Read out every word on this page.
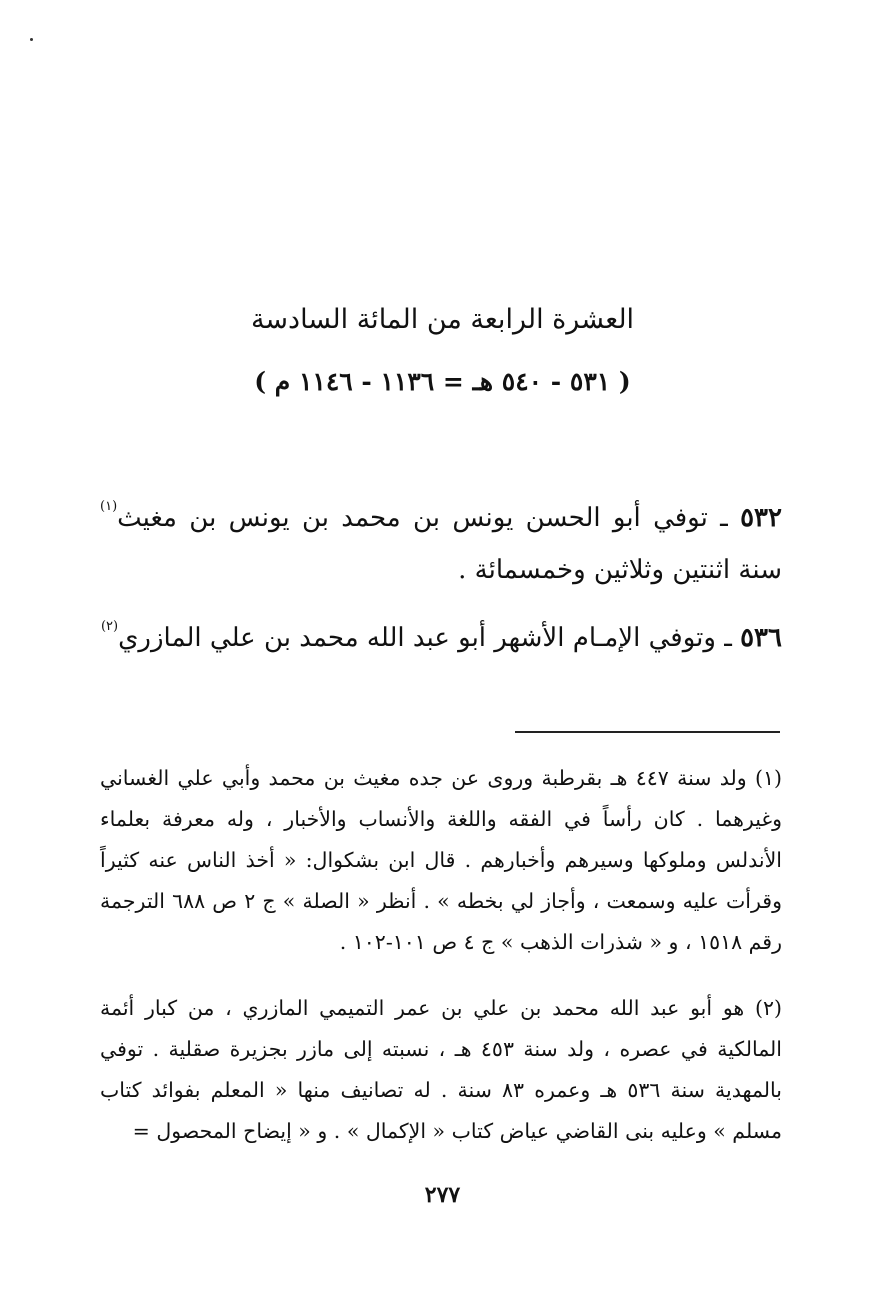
العشرة الرابعة من المائة السادسة
( ٥٣١ - ٥٤٠ هـ = ١١٣٦ - ١١٤٦ م )

٥٣٢ ـ توفي أبو الحسن يونس بن محمد بن يونس بن مغيث$^{(١)}$ سنة اثنتين وثلاثين وخمسمائة .

٥٣٦ ـ وتوفي الإمـام الأشهر أبو عبد الله محمد بن علي المازري$^{(٢)}$

(١) ولد سنة ٤٤٧ هـ بقرطبة وروى عن جده مغيث بن محمد وأبي علي الغساني وغيرهما . كان رأساً في الفقه واللغة والأنساب والأخبار ، وله معرفة بعلماء الأندلس وملوكها وسيرهم وأخبارهم . قال ابن بشكوال: « أخذ الناس عنه كثيراً وقرأت عليه وسمعت ، وأجاز لي بخطه » . أنظر « الصلة » ج ٢ ص ٦٨٨ الترجمة رقم ١٥١٨ ، و « شذرات الذهب » ج ٤ ص ١٠١-١٠٢ .

(٢) هو أبو عبد الله محمد بن علي بن عمر التميمي المازري ، من كبار أئمة المالكية في عصره ، ولد سنة ٤٥٣ هـ ، نسبته إلى مازر بجزيرة صقلية . توفي بالمهدية سنة ٥٣٦ هـ وعمره ٨٣ سنة . له تصانيف منها « المعلم بفوائد كتاب مسلم » وعليه بنى القاضي عياض كتاب « الإكمال » . و « إيضاح المحصول =

٢٧٧
